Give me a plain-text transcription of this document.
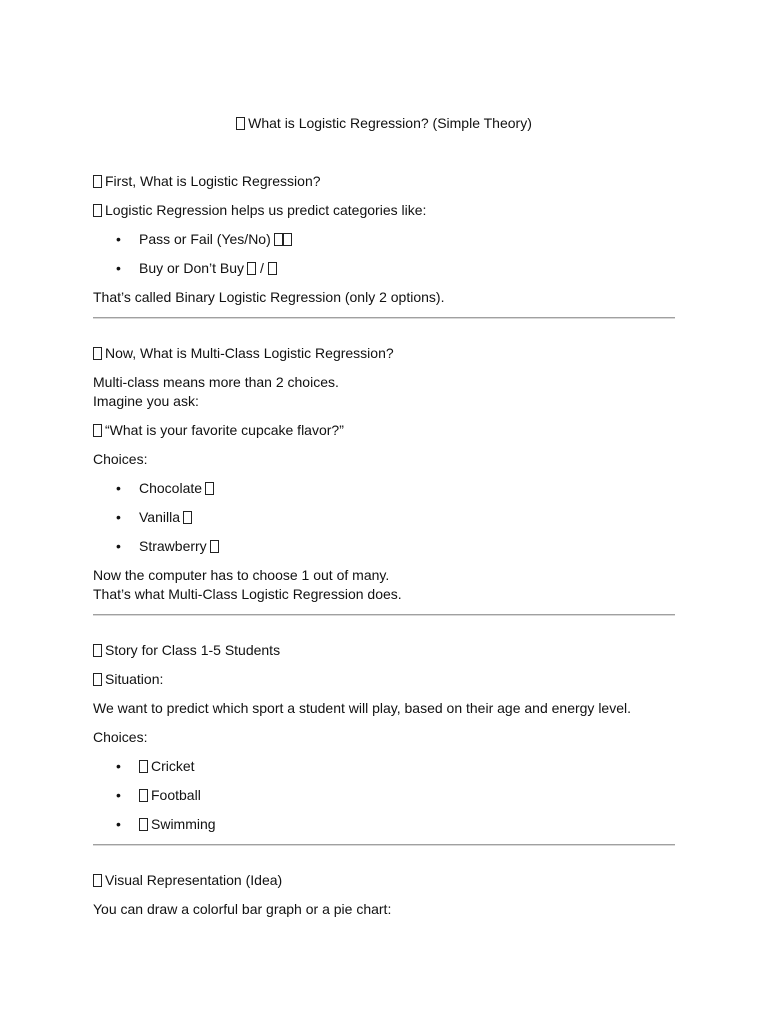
What is Logistic Regression? (Simple Theory)
First, What is Logistic Regression?
Logistic Regression helps us predict categories like:
• Pass or Fail (Yes/No)
• Buy or Don’t Buy /
That’s called Binary Logistic Regression (only 2 options).
Now, What is Multi-Class Logistic Regression?
Multi-class means more than 2 choices.
Imagine you ask:
“What is your favorite cupcake flavor?”
Choices:
• Chocolate
• Vanilla
• Strawberry
Now the computer has to choose 1 out of many.
That’s what Multi-Class Logistic Regression does.
Story for Class 1-5 Students
Situation:
We want to predict which sport a student will play, based on their age and energy level.
Choices:
•	Cricket
•	Football
•	Swimming
Visual Representation (Idea)
You can draw a colorful bar graph or a pie chart:
